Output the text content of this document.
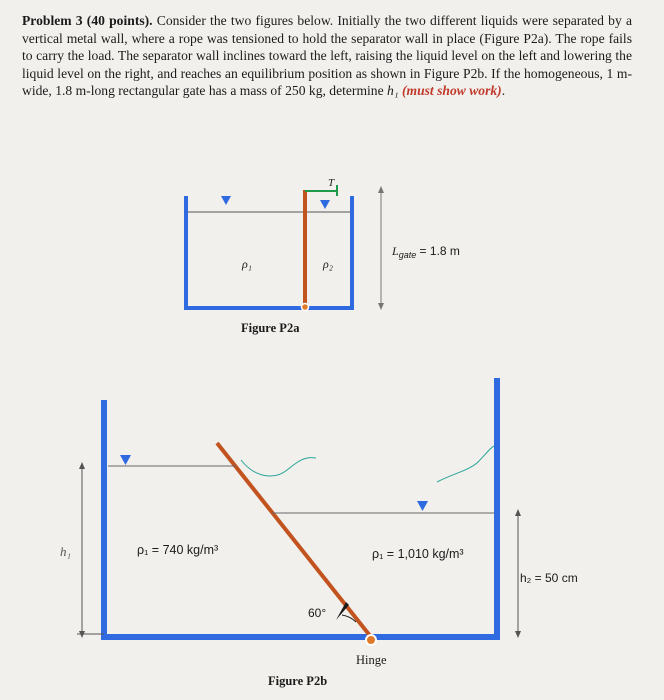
Problem 3 (40 points). Consider the two figures below. Initially the two different liquids were separated by a vertical metal wall, where a rope was tensioned to hold the separator wall in place (Figure P2a). The rope fails to carry the load. The separator wall inclines toward the left, raising the liquid level on the left and lowering the liquid level on the right, and reaches an equilibrium position as shown in Figure P2b. If the homogeneous, 1 m-wide, 1.8 m-long rectangular gate has a mass of 250 kg, determine h₁ (must show work).

T
ρ₁	ρ₂
$L_{gate} = 1.8$ m
Figure P2a
h₁	ρ₁ = 740 kg/m³	ρ₁ = 1,010 kg/m³
h₂ = 50 cm
60°
Hinge
Figure P2b
